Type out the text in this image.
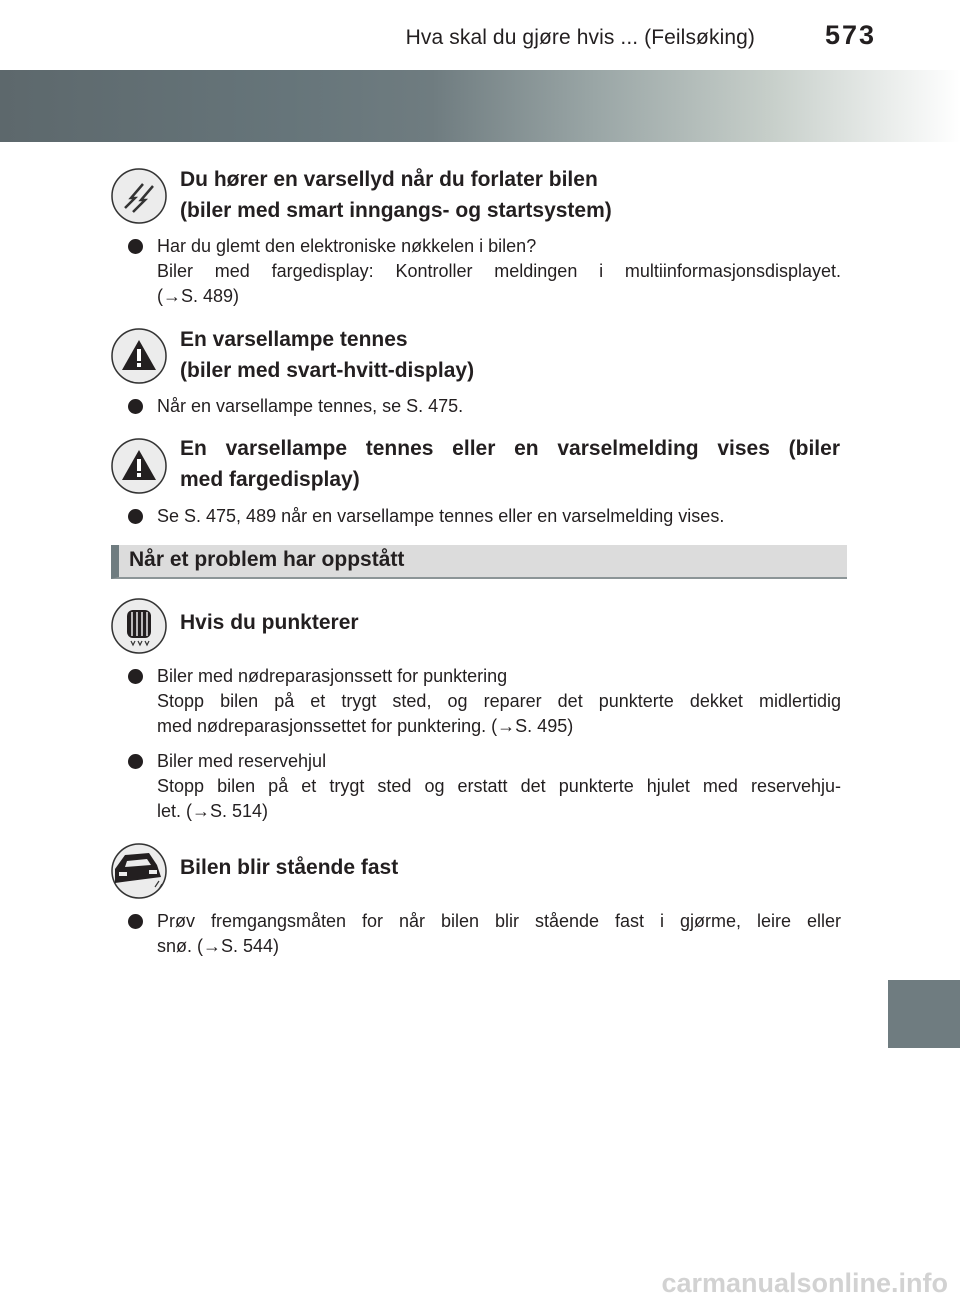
Hva skal du gjøre hvis ... (Feilsøking)	573
Du hører en varsellyd når du forlater bilen
(biler med smart inngangs- og startsystem)
Har du glemt den elektroniske nøkkelen i bilen?
Biler med fargedisplay: Kontroller meldingen i multiinformasjonsdisplayet.
(→S. 489)
En varsellampe tennes
(biler med svart-hvitt-display)
Når en varsellampe tennes, se S. 475.
En varsellampe tennes eller en varselmelding vises (biler
med fargedisplay)
Se S. 475, 489 når en varsellampe tennes eller en varselmelding vises.
Når et problem har oppstått
Hvis du punkterer
Biler med nødreparasjonssett for punktering
Stopp bilen på et trygt sted, og reparer det punkterte dekket midlertidig
med nødreparasjonssettet for punktering. (→S. 495)
Biler med reservehjul
Stopp bilen på et trygt sted og erstatt det punkterte hjulet med reservehju-
let. (→S. 514)
Bilen blir stående fast
Prøv fremgangsmåten for når bilen blir stående fast i gjørme, leire eller
snø. (→S. 544)
carmanualsonline.info
